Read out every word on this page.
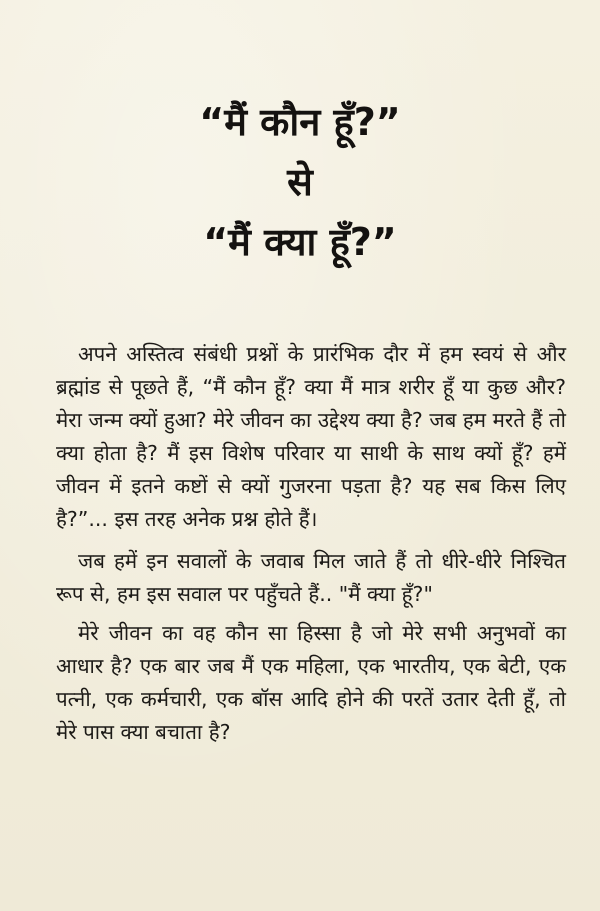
“मैं कौन हूँ?”
से
“मैं क्या हूँ?”

अपने अस्तित्व संबंधी प्रश्नों के प्रारंभिक दौर में हम स्वयं से और ब्रह्मांड से पूछते हैं, “मैं कौन हूँ? क्या मैं मात्र शरीर हूँ या कुछ और? मेरा जन्म क्यों हुआ? मेरे जीवन का उद्देश्य क्या है? जब हम मरते हैं तो क्या होता है? मैं इस विशेष परिवार या साथी के साथ क्यों हूँ? हमें जीवन में इतने कष्टों से क्यों गुजरना पड़ता है? यह सब किस लिए है?”... इस तरह अनेक प्रश्न होते हैं।

जब हमें इन सवालों के जवाब मिल जाते हैं तो धीरे-धीरे निश्चित रूप से, हम इस सवाल पर पहुँचते हैं.. "मैं क्या हूँ?"

मेरे जीवन का वह कौन सा हिस्सा है जो मेरे सभी अनुभवों का आधार है? एक बार जब मैं एक महिला, एक भारतीय, एक बेटी, एक पत्नी, एक कर्मचारी, एक बॉस आदि होने की परतें उतार देती हूँ, तो मेरे पास क्या बचाता है?
